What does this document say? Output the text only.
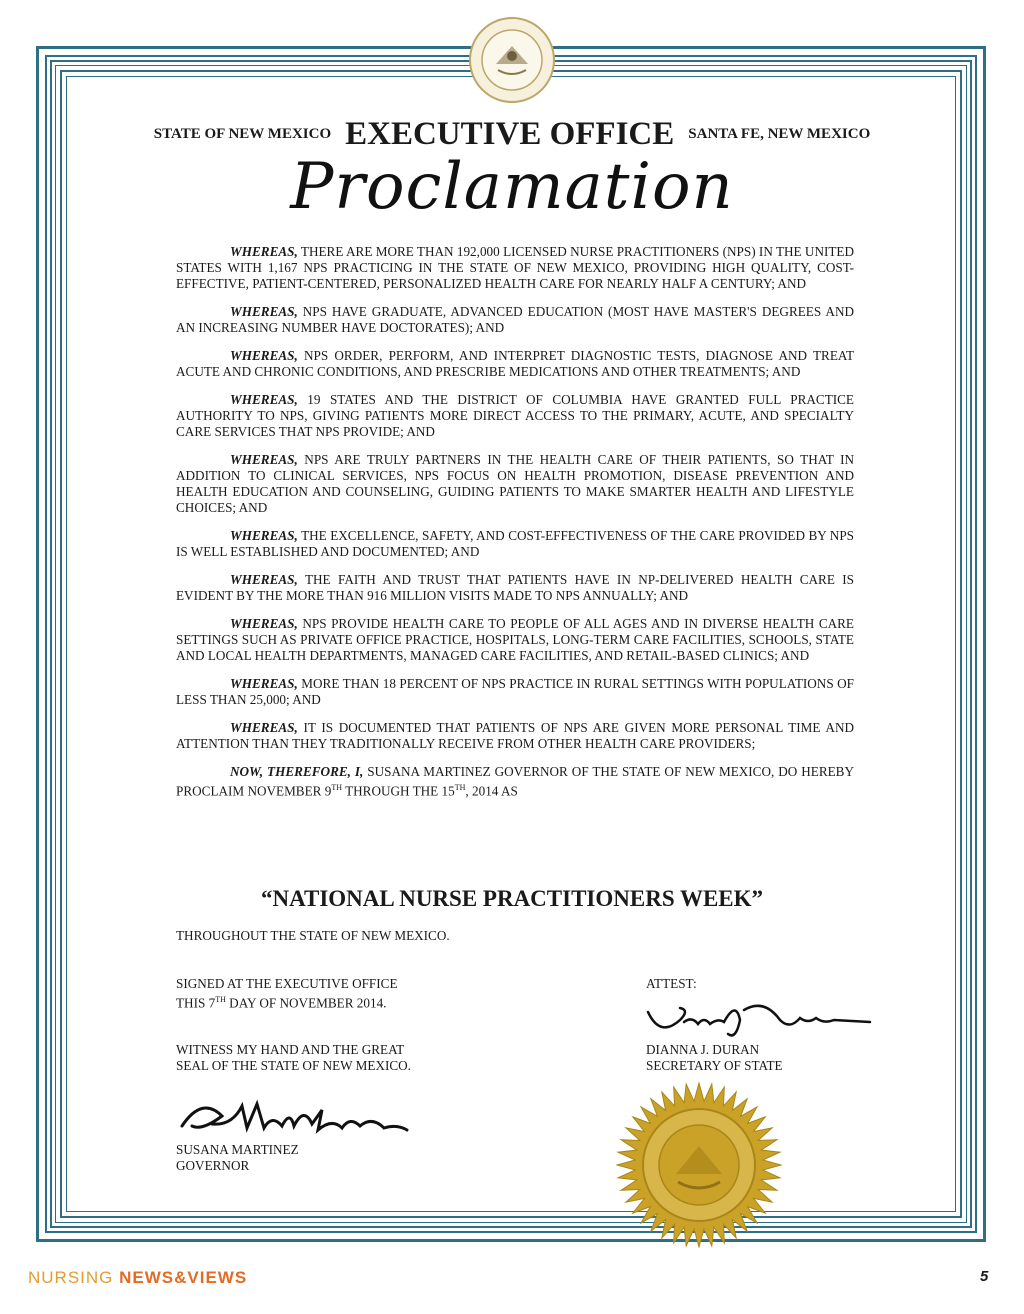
STATE OF NEW MEXICO EXECUTIVE OFFICE SANTA FE, NEW MEXICO
Proclamation

WHEREAS, THERE ARE MORE THAN 192,000 LICENSED NURSE PRACTITIONERS (NPS) IN THE UNITED STATES WITH 1,167 NPS PRACTICING IN THE STATE OF NEW MEXICO, PROVIDING HIGH QUALITY, COST-EFFECTIVE, PATIENT-CENTERED, PERSONALIZED HEALTH CARE FOR NEARLY HALF A CENTURY; AND

WHEREAS, NPS HAVE GRADUATE, ADVANCED EDUCATION (MOST HAVE MASTER'S DEGREES AND AN INCREASING NUMBER HAVE DOCTORATES); AND

WHEREAS, NPS ORDER, PERFORM, AND INTERPRET DIAGNOSTIC TESTS, DIAGNOSE AND TREAT ACUTE AND CHRONIC CONDITIONS, AND PRESCRIBE MEDICATIONS AND OTHER TREATMENTS; AND

WHEREAS, 19 STATES AND THE DISTRICT OF COLUMBIA HAVE GRANTED FULL PRACTICE AUTHORITY TO NPS, GIVING PATIENTS MORE DIRECT ACCESS TO THE PRIMARY, ACUTE, AND SPECIALTY CARE SERVICES THAT NPS PROVIDE; AND

WHEREAS, NPS ARE TRULY PARTNERS IN THE HEALTH CARE OF THEIR PATIENTS, SO THAT IN ADDITION TO CLINICAL SERVICES, NPS FOCUS ON HEALTH PROMOTION, DISEASE PREVENTION AND HEALTH EDUCATION AND COUNSELING, GUIDING PATIENTS TO MAKE SMARTER HEALTH AND LIFESTYLE CHOICES; AND

WHEREAS, THE EXCELLENCE, SAFETY, AND COST-EFFECTIVENESS OF THE CARE PROVIDED BY NPS IS WELL ESTABLISHED AND DOCUMENTED; AND

WHEREAS, THE FAITH AND TRUST THAT PATIENTS HAVE IN NP-DELIVERED HEALTH CARE IS EVIDENT BY THE MORE THAN 916 MILLION VISITS MADE TO NPS ANNUALLY; AND

WHEREAS, NPS PROVIDE HEALTH CARE TO PEOPLE OF ALL AGES AND IN DIVERSE HEALTH CARE SETTINGS SUCH AS PRIVATE OFFICE PRACTICE, HOSPITALS, LONG-TERM CARE FACILITIES, SCHOOLS, STATE AND LOCAL HEALTH DEPARTMENTS, MANAGED CARE FACILITIES, AND RETAIL-BASED CLINICS; AND

WHEREAS, MORE THAN 18 PERCENT OF NPS PRACTICE IN RURAL SETTINGS WITH POPULATIONS OF LESS THAN 25,000; AND

WHEREAS, IT IS DOCUMENTED THAT PATIENTS OF NPS ARE GIVEN MORE PERSONAL TIME AND ATTENTION THAN THEY TRADITIONALLY RECEIVE FROM OTHER HEALTH CARE PROVIDERS;

NOW, THEREFORE, I, SUSANA MARTINEZ GOVERNOR OF THE STATE OF NEW MEXICO, DO HEREBY PROCLAIM NOVEMBER 9TH THROUGH THE 15TH, 2014 AS

“NATIONAL NURSE PRACTITIONERS WEEK”
THROUGHOUT THE STATE OF NEW MEXICO.
SIGNED AT THE EXECUTIVE OFFICE
THIS 7TH DAY OF NOVEMBER 2014.
WITNESS MY HAND AND THE GREAT
SEAL OF THE STATE OF NEW MEXICO.
SUSANA MARTINEZ
GOVERNOR
ATTEST:
DIANNA J. DURAN
SECRETARY OF STATE
NURSING NEWS&VIEWS	5
